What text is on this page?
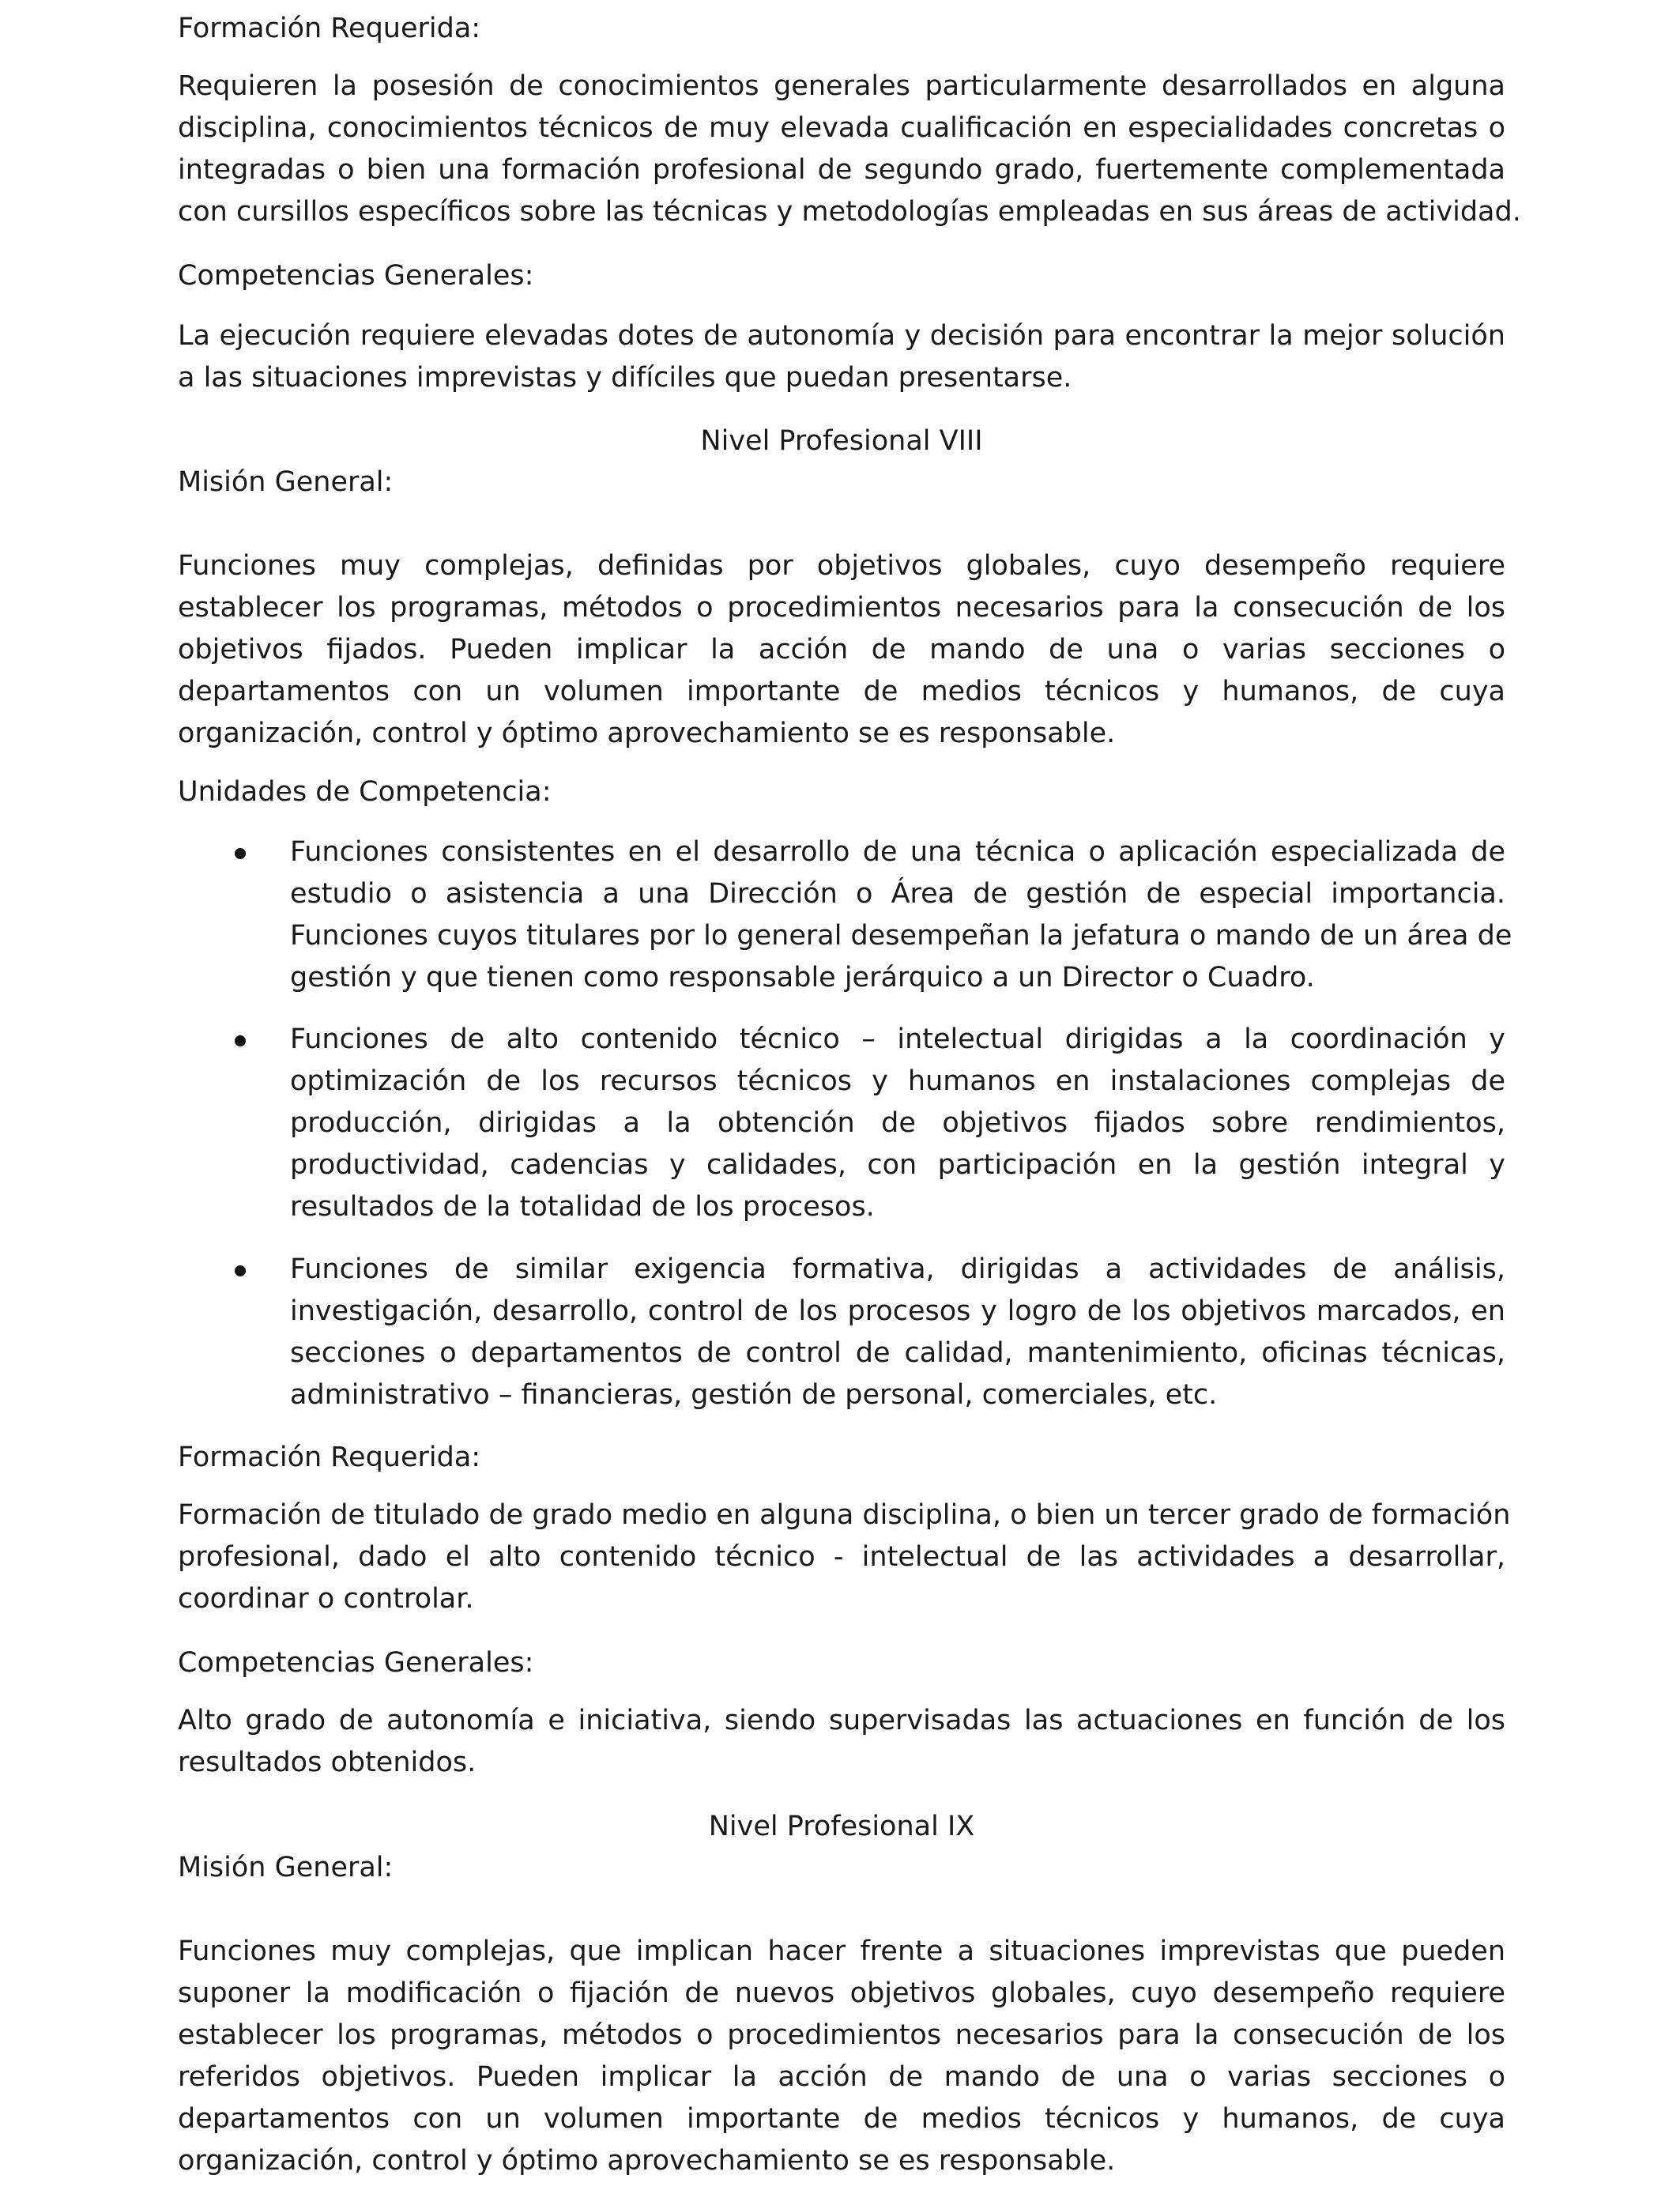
Formación Requerida:
Requieren la posesión de conocimientos generales particularmente desarrollados en alguna
disciplina, conocimientos técnicos de muy elevada cualificación en especialidades concretas o
integradas o bien una formación profesional de segundo grado, fuertemente complementada
con cursillos específicos sobre las técnicas y metodologías empleadas en sus áreas de actividad.
Competencias Generales:
La ejecución requiere elevadas dotes de autonomía y decisión para encontrar la mejor solución
a las situaciones imprevistas y difíciles que puedan presentarse.
Nivel Profesional VIII
Misión General:
Funciones muy complejas, definidas por objetivos globales, cuyo desempeño requiere
establecer los programas, métodos o procedimientos necesarios para la consecución de los
objetivos fijados. Pueden implicar la acción de mando de una o varias secciones o
departamentos con un volumen importante de medios técnicos y humanos, de cuya
organización, control y óptimo aprovechamiento se es responsable.
Unidades de Competencia:
Funciones consistentes en el desarrollo de una técnica o aplicación especializada de
estudio o asistencia a una Dirección o Área de gestión de especial importancia.
Funciones cuyos titulares por lo general desempeñan la jefatura o mando de un área de
gestión y que tienen como responsable jerárquico a un Director o Cuadro.
Funciones de alto contenido técnico – intelectual dirigidas a la coordinación y
optimización de los recursos técnicos y humanos en instalaciones complejas de
producción, dirigidas a la obtención de objetivos fijados sobre rendimientos,
productividad, cadencias y calidades, con participación en la gestión integral y
resultados de la totalidad de los procesos.
Funciones de similar exigencia formativa, dirigidas a actividades de análisis,
investigación, desarrollo, control de los procesos y logro de los objetivos marcados, en
secciones o departamentos de control de calidad, mantenimiento, oficinas técnicas,
administrativo – financieras, gestión de personal, comerciales, etc.
Formación Requerida:
Formación de titulado de grado medio en alguna disciplina, o bien un tercer grado de formación
profesional, dado el alto contenido técnico - intelectual de las actividades a desarrollar,
coordinar o controlar.
Competencias Generales:
Alto grado de autonomía e iniciativa, siendo supervisadas las actuaciones en función de los
resultados obtenidos.
Nivel Profesional IX
Misión General:
Funciones muy complejas, que implican hacer frente a situaciones imprevistas que pueden
suponer la modificación o fijación de nuevos objetivos globales, cuyo desempeño requiere
establecer los programas, métodos o procedimientos necesarios para la consecución de los
referidos objetivos. Pueden implicar la acción de mando de una o varias secciones o
departamentos con un volumen importante de medios técnicos y humanos, de cuya
organización, control y óptimo aprovechamiento se es responsable.
